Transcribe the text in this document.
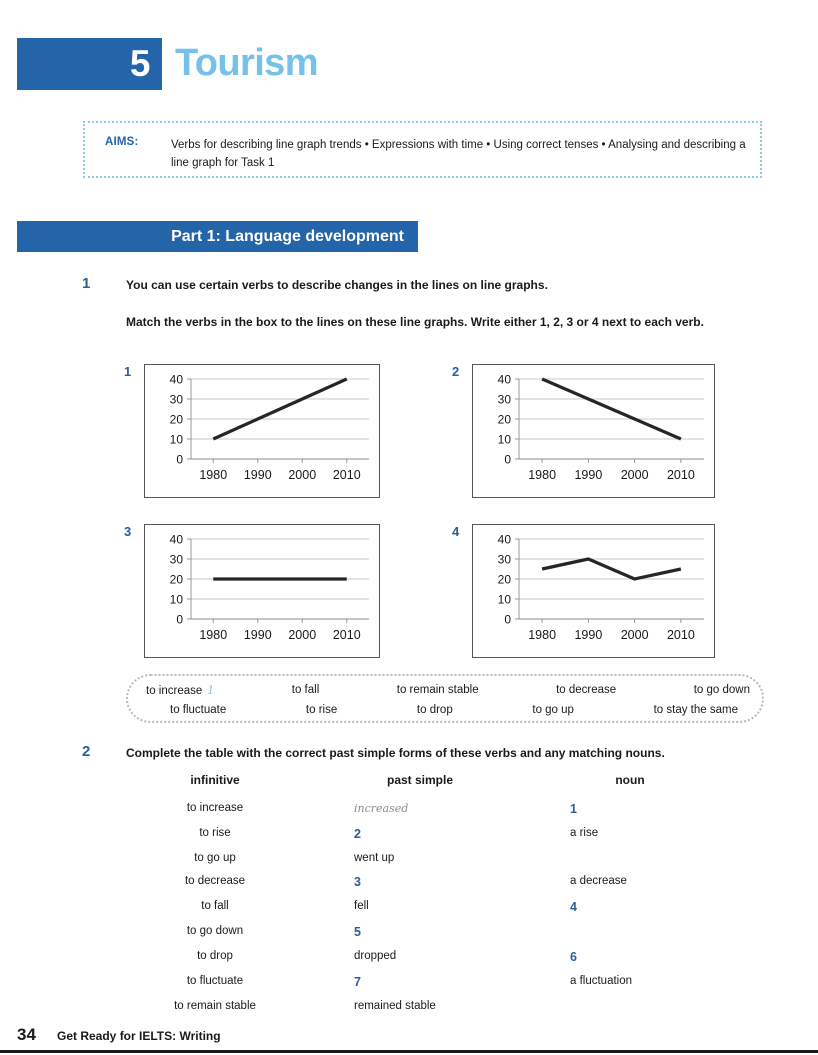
5 Tourism
AIMS:	Verbs for describing line graph trends • Expressions with time • Using correct tenses • Analysing and describing a line graph for Task 1
Part 1: Language development
1	You can use certain verbs to describe changes in the lines on line graphs.
Match the verbs in the box to the lines on these line graphs. Write either 1, 2, 3 or 4 next to each verb.
1
0
10
20
30
40
1980 1990 2000 2010
2
0
10
20
30
40
1980 1990 2000 2010
3
0
10
20
30
40
1980 1990 2000 2010
4
0
10
20
30
40
1980 1990 2000 2010
to increase 1	to fall	to remain stable	to decrease	to go down
to fluctuate	to rise	to drop	to go up	to stay the same
2	Complete the table with the correct past simple forms of these verbs and any matching nouns.
infinitive	past simple	noun
to increase	increased	1
to rise	2	a rise
to go up	went up	
to decrease	3	a decrease
to fall	fell	4
to go down	5	
to drop	dropped	6
to fluctuate	7	a fluctuation
to remain stable	remained stable	
34 Get Ready for IELTS: Writing
